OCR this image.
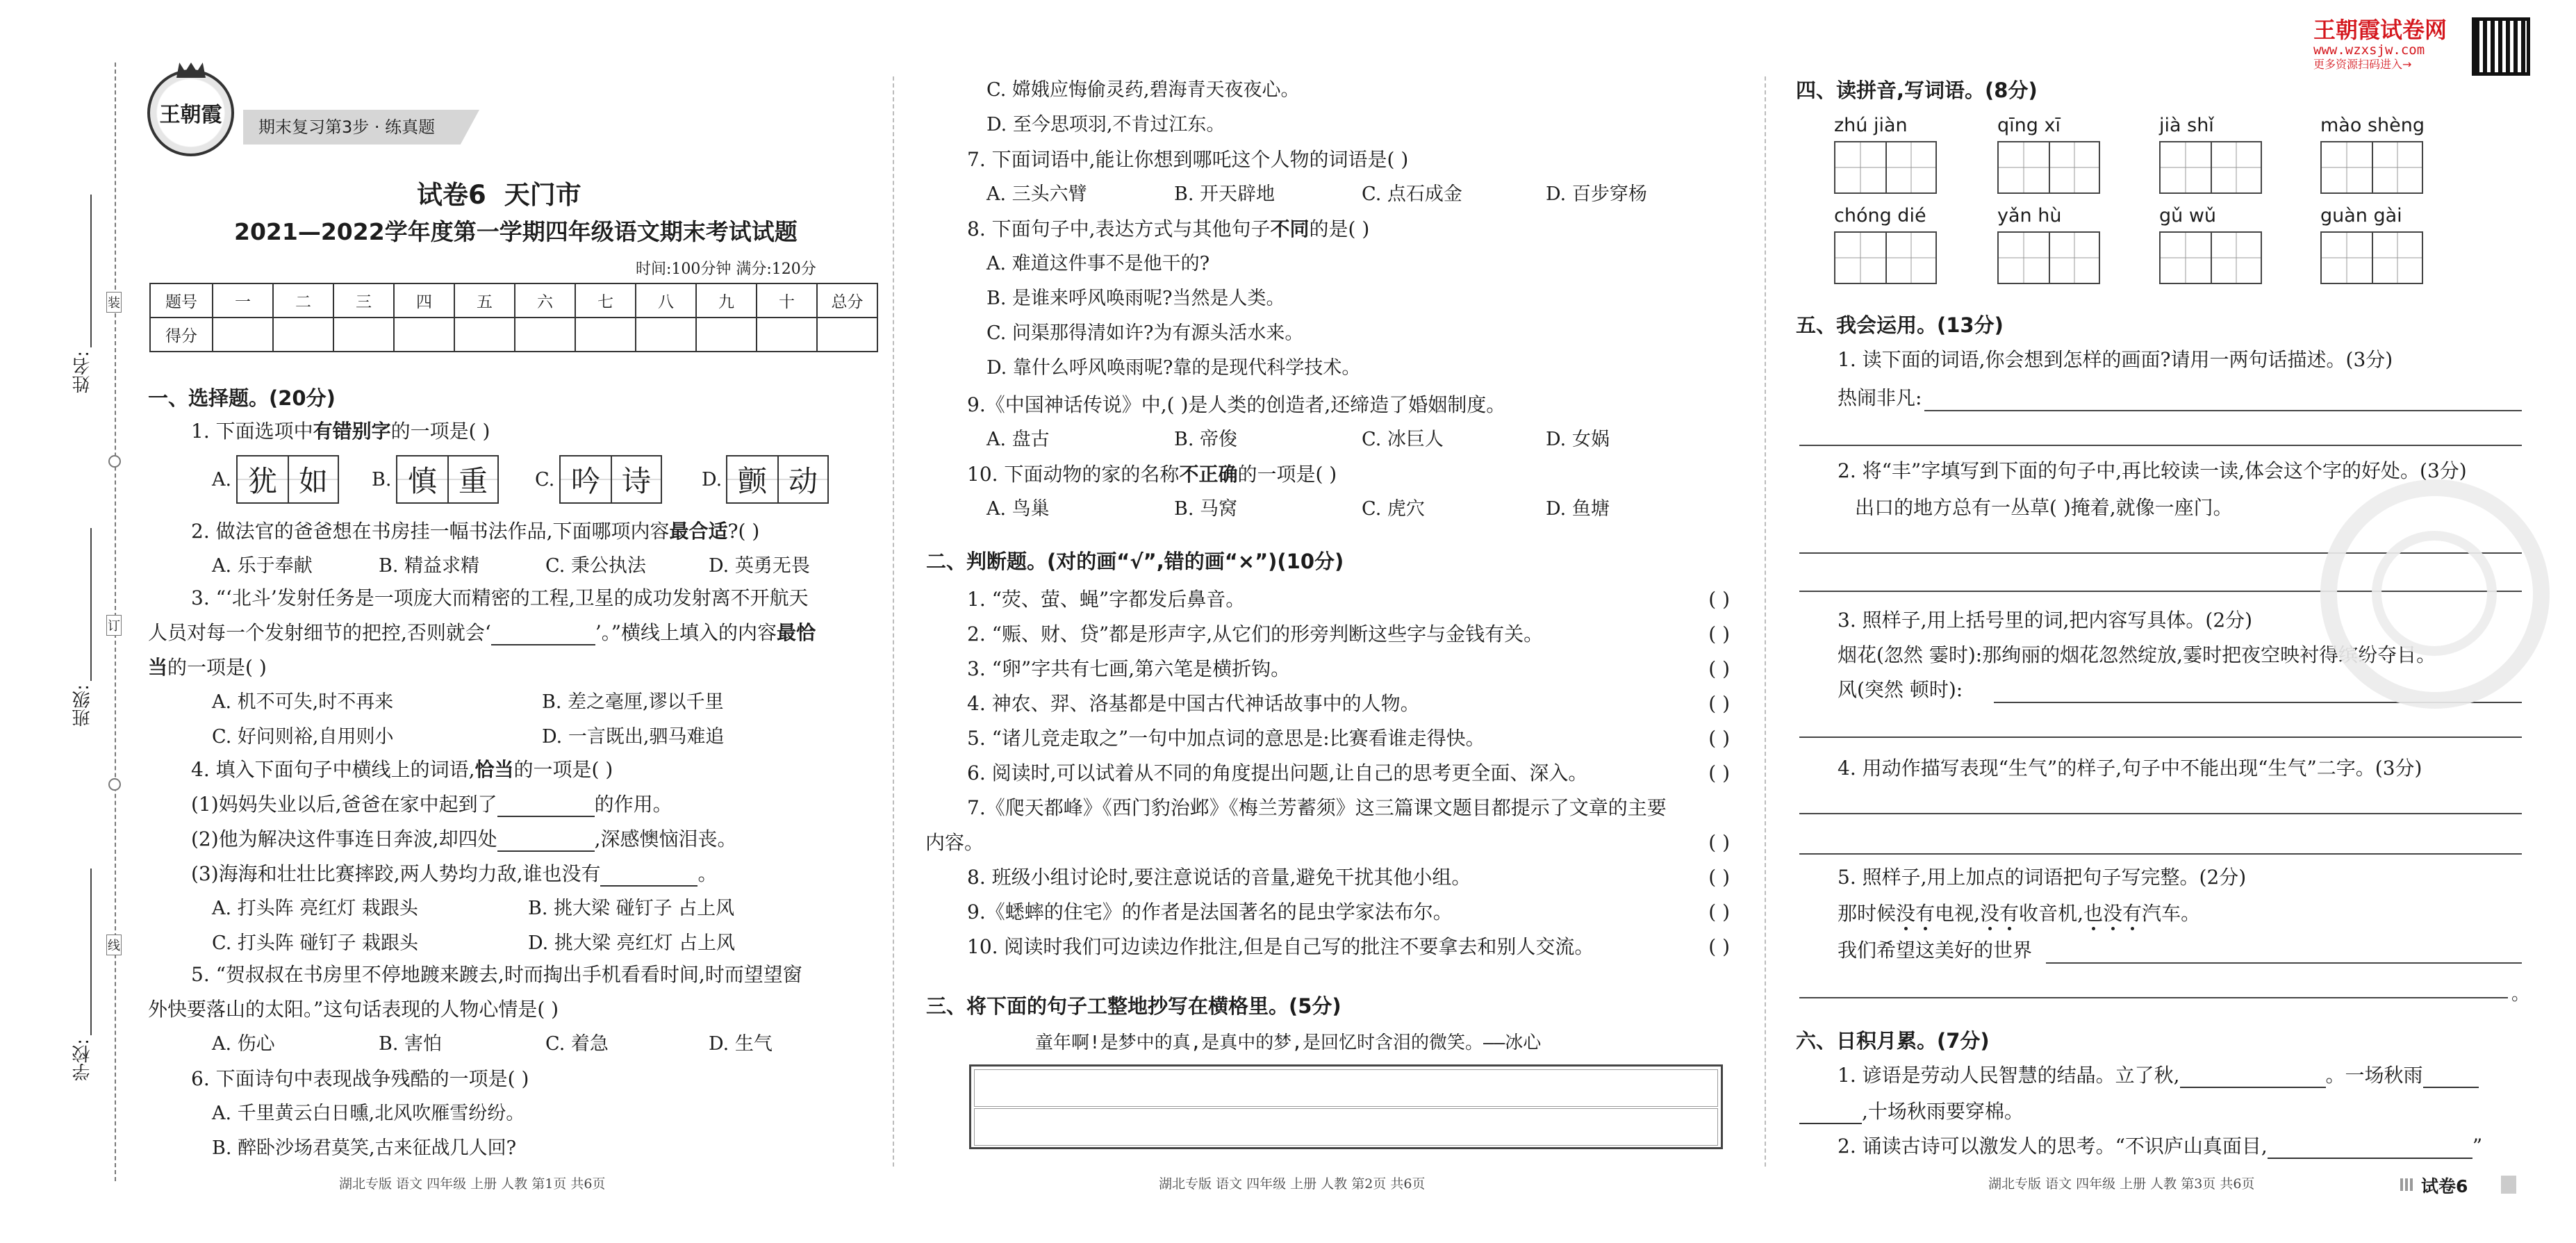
姓名:
班级:
学校:
装
订
线
王朝霞	期末复习第3步 · 练真题
试卷6 天门市
2021—2022学年度第一学期四年级语文期末考试试题
时间:100分钟 满分:120分
题号	一	二	三	四	五	六	七	八	九	十	总分
得分											
一、选择题。(20分)
1. 下面选项中有错别字的一项是( )
A. 犹 如	B. 慎 重	C. 吟 诗	D. 颤 动
2. 做法官的爸爸想在书房挂一幅书法作品,下面哪项内容最合适?( )
A. 乐于奉献	B. 精益求精	C. 秉公执法	D. 英勇无畏
3. “‘北斗’发射任务是一项庞大而精密的工程,卫星的成功发射离不开航天
人员对每一个发射细节的把控,否则就会‘	’。”横线上填入的内容最恰
当的一项是( )
A. 机不可失,时不再来	B. 差之毫厘,谬以千里
C. 好问则裕,自用则小	D. 一言既出,驷马难追
4. 填入下面句子中横线上的词语,恰当的一项是( )
(1)妈妈失业以后,爸爸在家中起到了	的作用。
(2)他为解决这件事连日奔波,却四处	,深感懊恼泪丧。
(3)海海和壮壮比赛摔跤,两人势均力敌,谁也没有	。
A. 打头阵 亮红灯 栽跟头	B. 挑大梁 碰钉子 占上风
C. 打头阵 碰钉子 栽跟头	D. 挑大梁 亮红灯 占上风
5. “贺叔叔在书房里不停地踱来踱去,时而掏出手机看看时间,时而望望窗
外快要落山的太阳。”这句话表现的人物心情是( )
A. 伤心	B. 害怕	C. 着急	D. 生气
6. 下面诗句中表现战争残酷的一项是( )
A. 千里黄云白日曛,北风吹雁雪纷纷。
B. 醉卧沙场君莫笑,古来征战几人回?
湖北专版 语文 四年级 上册 人教 第1页 共6页
C. 嫦娥应悔偷灵药,碧海青天夜夜心。
D. 至今思项羽,不肯过江东。
7. 下面词语中,能让你想到哪吒这个人物的词语是( )
A. 三头六臂	B. 开天辟地	C. 点石成金	D. 百步穿杨
8. 下面句子中,表达方式与其他句子不同的是( )
A. 难道这件事不是他干的?
B. 是谁来呼风唤雨呢?当然是人类。
C. 问渠那得清如许?为有源头活水来。
D. 靠什么呼风唤雨呢?靠的是现代科学技术。
9.《中国神话传说》中,( )是人类的创造者,还缔造了婚姻制度。
A. 盘古	B. 帝俊	C. 冰巨人	D. 女娲
10. 下面动物的家的名称不正确的一项是( )
A. 鸟巢	B. 马窝	C. 虎穴	D. 鱼塘
二、判断题。(对的画“√”,错的画“×”)(10分)
1. “荧、萤、蝇”字都发后鼻音。	( )
2. “赈、财、贷”都是形声字,从它们的形旁判断这些字与金钱有关。	( )
3. “卵”字共有七画,第六笔是横折钩。	( )
4. 神农、羿、洛基都是中国古代神话故事中的人物。	( )
5. “诸儿竞走取之”一句中加点词的意思是:比赛看谁走得快。	( )
6. 阅读时,可以试着从不同的角度提出问题,让自己的思考更全面、深入。	( )
7.《爬天都峰》《西门豹治邺》《梅兰芳蓄须》这三篇课文题目都提示了文章的主要
内容。	( )
8. 班级小组讨论时,要注意说话的音量,避免干扰其他小组。	( )
9.《蟋蟀的住宅》的作者是法国著名的昆虫学家法布尔。	( )
10. 阅读时我们可边读边作批注,但是自己写的批注不要拿去和别人交流。	( )
三、将下面的句子工整地抄写在横格里。(5分)
童年啊!是梦中的真,是真中的梦,是回忆时含泪的微笑。——冰心
湖北专版 语文 四年级 上册 人教 第2页 共6页
王朝霞试卷网
www.wzxsjw.com
更多资源扫码进入→
四、读拼音,写词语。(8分)
zhú jiàn	qīng xī	jià shǐ	mào shèng
chóng dié	yǎn hù	gǔ wǔ	guàn gài
五、我会运用。(13分)
1. 读下面的词语,你会想到怎样的画面?请用一两句话描述。(3分)
热闹非凡:
2. 将“丰”字填写到下面的句子中,再比较读一读,体会这个字的好处。(3分)
出口的地方总有一丛草( )掩着,就像一座门。
3. 照样子,用上括号里的词,把内容写具体。(2分)
烟花(忽然 霎时):那绚丽的烟花忽然绽放,霎时把夜空映衬得缤纷夺目。
风(突然 顿时):
4. 用动作描写表现“生气”的样子,句子中不能出现“生气”二字。(3分)
5. 照样子,用上加点的词语把句子写完整。(2分)
那时候没有电视,没有收音机,也没有汽车。
我们希望这美好的世界
。
六、日积月累。(7分)
1. 谚语是劳动人民智慧的结晶。立了秋,	。一场秋雨
,十场秋雨要穿棉。
2. 诵读古诗可以激发人的思考。“不识庐山真面目,	”
湖北专版 语文 四年级 上册 人教 第3页 共6页	试卷6
